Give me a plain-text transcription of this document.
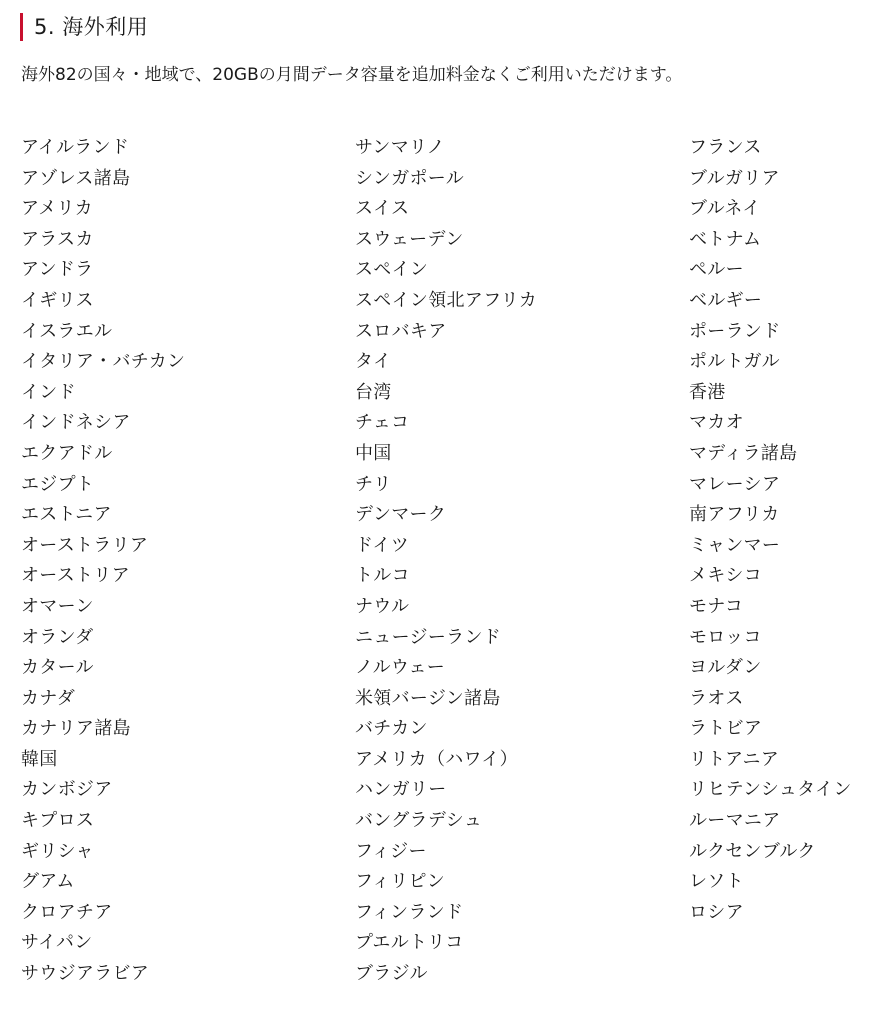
5. 海外利用

海外82の国々・地域で、20GBの月間データ容量を追加料金なくご利用いただけます。

アイルランド
アゾレス諸島
アメリカ
アラスカ
アンドラ
イギリス
イスラエル
イタリア・バチカン
インド
インドネシア
エクアドル
エジプト
エストニア
オーストラリア
オーストリア
オマーン
オランダ
カタール
カナダ
カナリア諸島
韓国
カンボジア
キプロス
ギリシャ
グアム
クロアチア
サイパン
サウジアラビア
サンマリノ
シンガポール
スイス
スウェーデン
スペイン
スペイン領北アフリカ
スロバキア
タイ
台湾
チェコ
中国
チリ
デンマーク
ドイツ
トルコ
ナウル
ニュージーランド
ノルウェー
米領バージン諸島
バチカン
アメリカ（ハワイ）
ハンガリー
バングラデシュ
フィジー
フィリピン
フィンランド
プエルトリコ
ブラジル
フランス
ブルガリア
ブルネイ
ベトナム
ペルー
ベルギー
ポーランド
ポルトガル
香港
マカオ
マディラ諸島
マレーシア
南アフリカ
ミャンマー
メキシコ
モナコ
モロッコ
ヨルダン
ラオス
ラトビア
リトアニア
リヒテンシュタイン
ルーマニア
ルクセンブルク
レソト
ロシア
